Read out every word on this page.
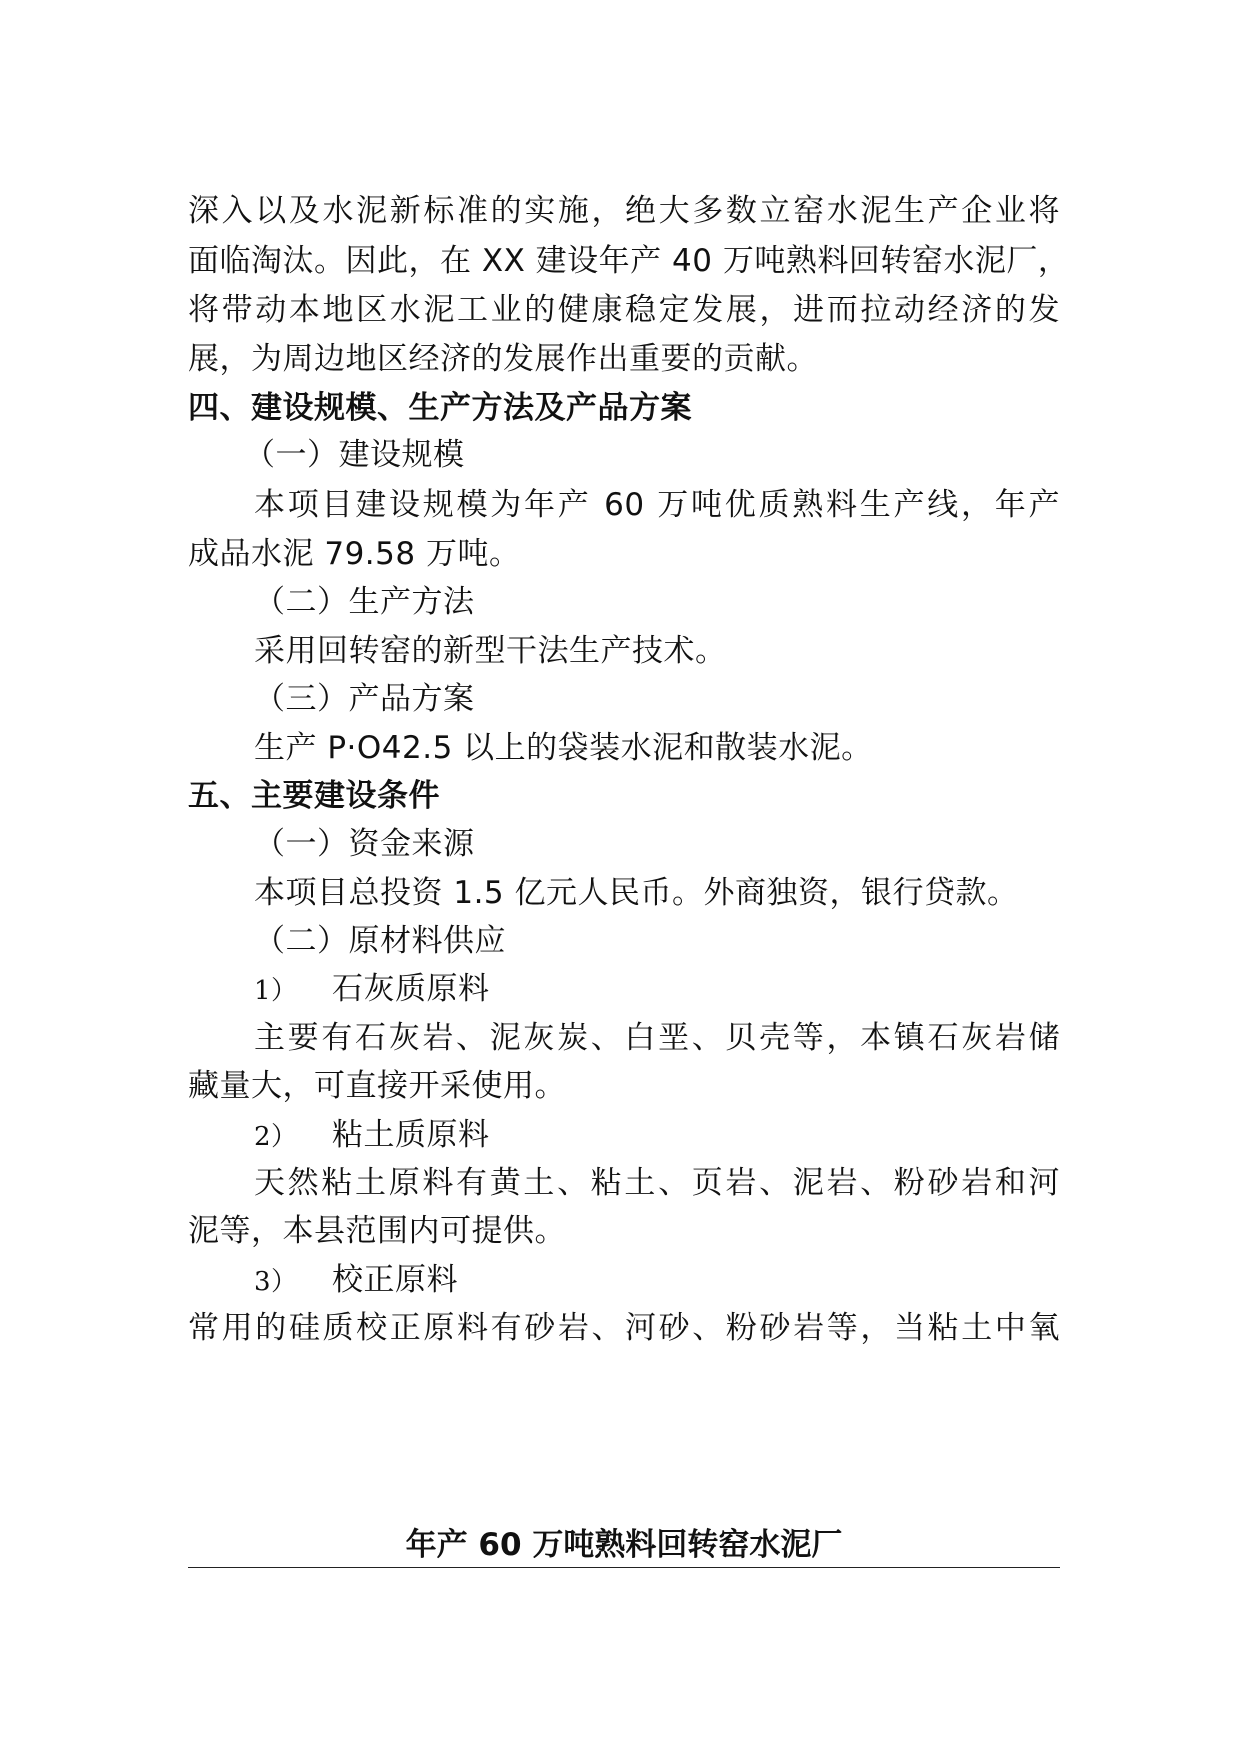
深入以及水泥新标准的实施，绝大多数立窑水泥生产企业将
面临淘汰。因此，在 XX 建设年产 40 万吨熟料回转窑水泥厂，
将带动本地区水泥工业的健康稳定发展，进而拉动经济的发
展，为周边地区经济的发展作出重要的贡献。
四、建设规模、生产方法及产品方案
（一）建设规模
本项目建设规模为年产 60 万吨优质熟料生产线，年产
成品水泥 79.58 万吨。
（二）生产方法
采用回转窑的新型干法生产技术。
（三）产品方案
生产 P·O42.5 以上的袋装水泥和散装水泥。
五、主要建设条件
（一）资金来源
本项目总投资 1.5 亿元人民币。外商独资，银行贷款。
（二）原材料供应
1） 石灰质原料
主要有石灰岩、泥灰炭、白垩、贝壳等，本镇石灰岩储
藏量大，可直接开采使用。
2） 粘土质原料
天然粘土原料有黄土、粘土、页岩、泥岩、粉砂岩和河
泥等，本县范围内可提供。
3） 校正原料
常用的硅质校正原料有砂岩、河砂、粉砂岩等，当粘土中氧
年产 60 万吨熟料回转窑水泥厂
